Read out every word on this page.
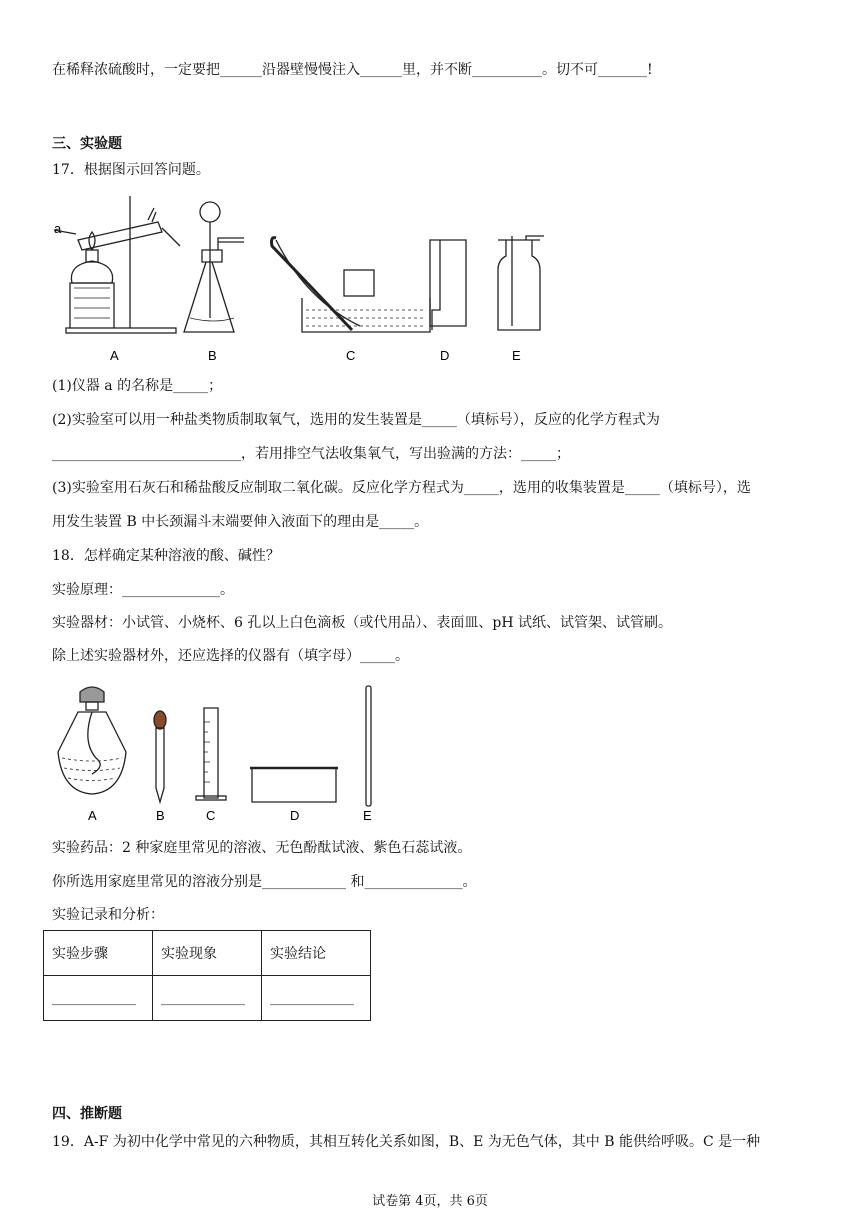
在稀释浓硫酸时，一定要把______沿器壁慢慢注入______里，并不断__________。切不可_______!
三、实验题
17．根据图示回答问题。
a
A	B	C	D	E
(1)仪器 a 的名称是_____；
(2)实验室可以用一种盐类物质制取氧气，选用的发生装置是_____（填标号），反应的化学方程式为
___________________________，若用排空气法收集氧气，写出验满的方法：_____；
(3)实验室用石灰石和稀盐酸反应制取二氧化碳。反应化学方程式为_____，选用的收集装置是_____（填标号），选
用发生装置 B 中长颈漏斗末端要伸入液面下的理由是_____。
18．怎样确定某种溶液的酸、碱性？
实验原理：______________。
实验器材：小试管、小烧杯、6 孔以上白色滴板（或代用品）、表面皿、pH 试纸、试管架、试管刷。
除上述实验器材外，还应选择的仪器有（填字母）_____。
A	B	C	D	E
实验药品：2 种家庭里常见的溶液、无色酚酞试液、紫色石蕊试液。
你所选用家庭里常见的溶液分别是____________ 和______________。
实验记录和分析：
实验步骤	实验现象	实验结论
____________	____________	____________
四、推断题
19．A-F 为初中化学中常见的六种物质，其相互转化关系如图，B、E 为无色气体，其中 B 能供给呼吸。C 是一种
试卷第 4页，共 6页
